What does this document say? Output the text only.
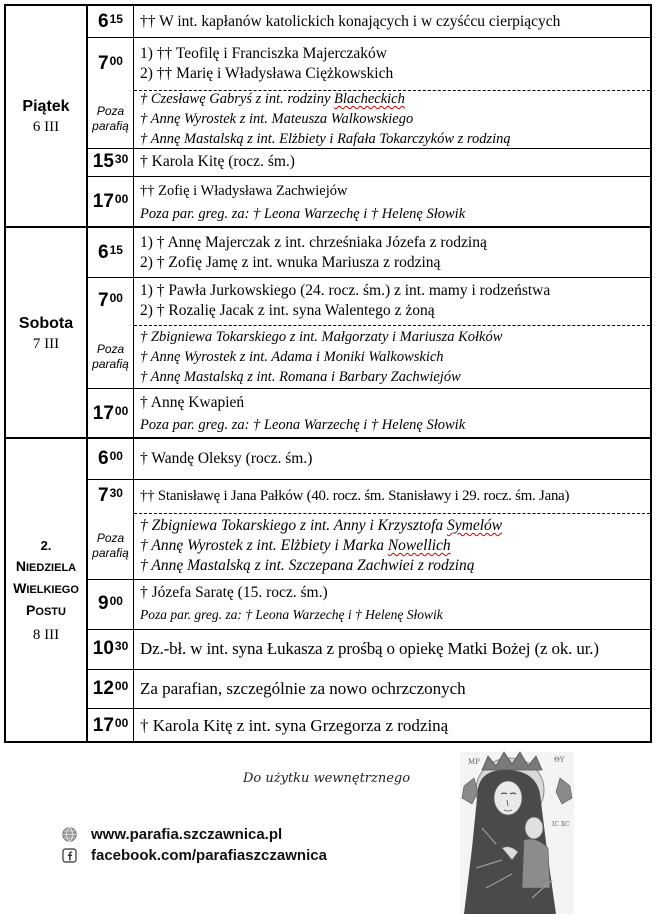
Piątek
6 III
$6^{15}$ †† W int. kapłanów katolickich konających i w czyśćcu cierpiących
$7^{00}$ 1) †† Teofilę i Franciszka Majerczaków
2) †† Marię i Władysława Ciężkowskich
Poza
parafią
† Czesławę Gabryś z int. rodziny Blacheckich
† Annę Wyrostek z int. Mateusza Walkowskiego
† Annę Mastalską z int. Elżbiety i Rafała Tokarczyków z rodziną
$15^{30}$ † Karola Kitę (rocz. śm.)
$17^{00}$
†† Zofię i Władysława Zachwiejów
Poza par. greg. za: † Leona Warzechę i † Helenę Słowik
Sobota
7 III
$6^{15}$ 1) † Annę Majerczak z int. chrześniaka Józefa z rodziną
2) † Zofię Jamę z int. wnuka Mariusza z rodziną
$7^{00}$ 1) † Pawła Jurkowskiego (24. rocz. śm.) z int. mamy i rodzeństwa
2) † Rozalię Jacak z int. syna Walentego z żoną
Poza
parafią
† Zbigniewa Tokarskiego z int. Małgorzaty i Mariusza Kołków
† Annę Wyrostek z int. Adama i Moniki Walkowskich
† Annę Mastalską z int. Romana i Barbary Zachwiejów
$17^{00}$ † Annę Kwapień
Poza par. greg. za: † Leona Warzechę i † Helenę Słowik
2.
NIEDZIELA
WIELKIEGO
POSTU
8 III
$6^{00}$ † Wandę Oleksy (rocz. śm.)
$7^{30}$ †† Stanisławę i Jana Pałków (40. rocz. śm. Stanisławy i 29. rocz. śm. Jana)
Poza
parafią
† Zbigniewa Tokarskiego z int. Anny i Krzysztofa Symelów
† Annę Wyrostek z int. Elżbiety i Marka Nowellich
† Annę Mastalską z int. Szczepana Zachwiei z rodziną
$9^{00}$ † Józefa Saratę (15. rocz. śm.)
Poza par. greg. za: † Leona Warzechę i † Helenę Słowik
$10^{30}$ Dz.-bł. w int. syna Łukasza z prośbą o opiekę Matki Bożej (z ok. ur.)
$12^{00}$ Za parafian, szczególnie za nowo ochrzczonych
$17^{00}$ † Karola Kitę z int. syna Grzegorza z rodziną
Do użytku wewnętrznego
www.parafia.szczawnica.pl
facebook.com/parafiaszczawnica
MP	ΘΥ
IC XC
